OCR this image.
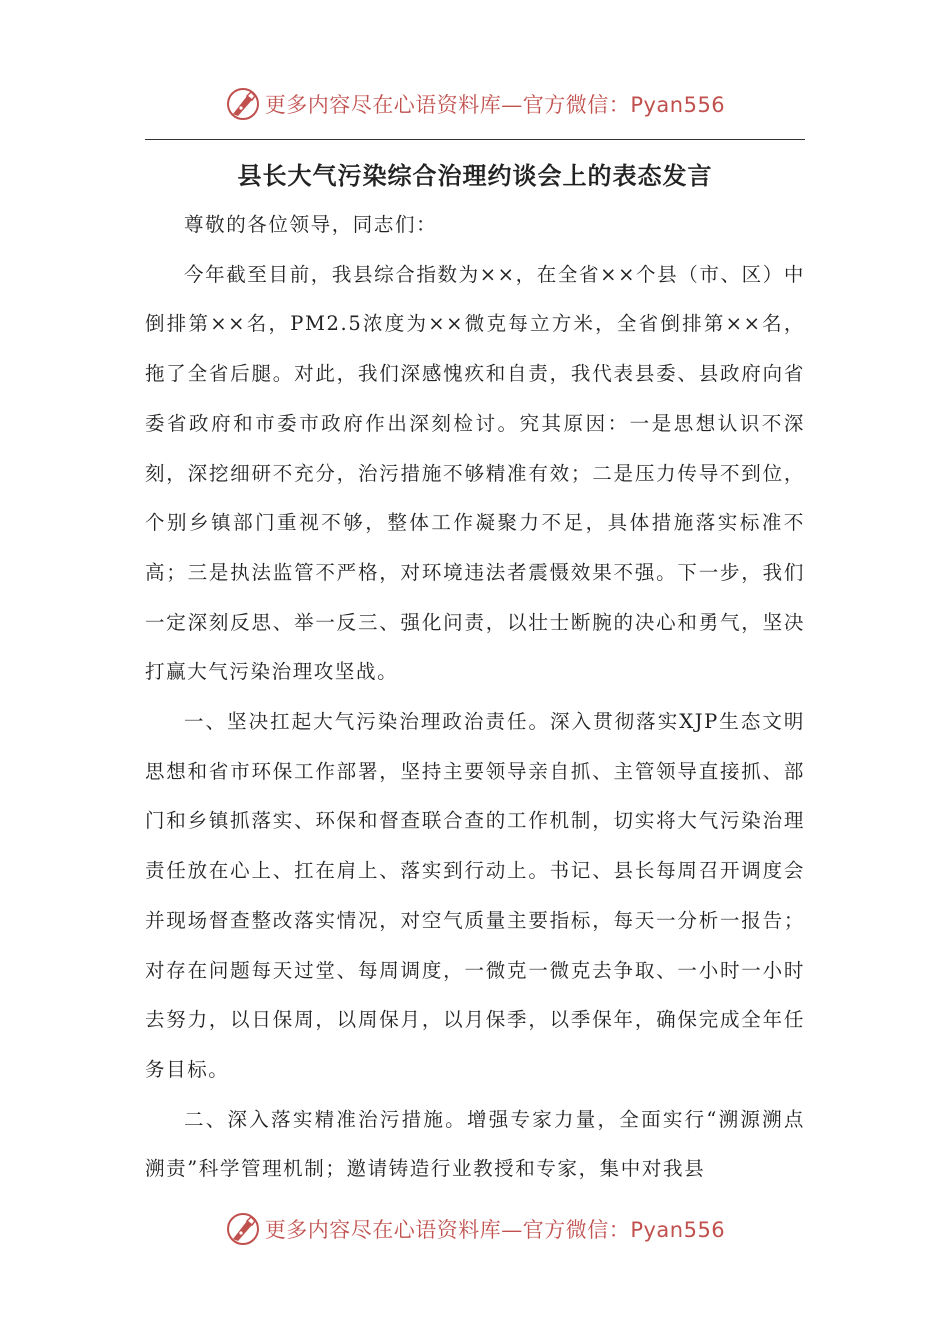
更多内容尽在心语资料库—官方微信：Pyan556
县长大气污染综合治理约谈会上的表态发言

尊敬的各位领导，同志们：

今年截至目前，我县综合指数为××，在全省××个县（市、区）中倒排第××名，PM2.5浓度为××微克每立方米，全省倒排第××名，拖了全省后腿。对此，我们深感愧疚和自责，我代表县委、县政府向省委省政府和市委市政府作出深刻检讨。究其原因：一是思想认识不深刻，深挖细研不充分，治污措施不够精准有效；二是压力传导不到位，个别乡镇部门重视不够，整体工作凝聚力不足，具体措施落实标准不高；三是执法监管不严格，对环境违法者震慑效果不强。下一步，我们一定深刻反思、举一反三、强化问责，以壮士断腕的决心和勇气，坚决打赢大气污染治理攻坚战。

一、坚决扛起大气污染治理政治责任。深入贯彻落实XJP生态文明思想和省市环保工作部署，坚持主要领导亲自抓、主管领导直接抓、部门和乡镇抓落实、环保和督查联合查的工作机制，切实将大气污染治理责任放在心上、扛在肩上、落实到行动上。书记、县长每周召开调度会并现场督查整改落实情况，对空气质量主要指标，每天一分析一报告；对存在问题每天过堂、每周调度，一微克一微克去争取、一小时一小时去努力，以日保周，以周保月，以月保季，以季保年，确保完成全年任务目标。

二、深入落实精准治污措施。增强专家力量，全面实行“溯源溯点溯责”科学管理机制；邀请铸造行业教授和专家，集中对我县

更多内容尽在心语资料库—官方微信：Pyan556
